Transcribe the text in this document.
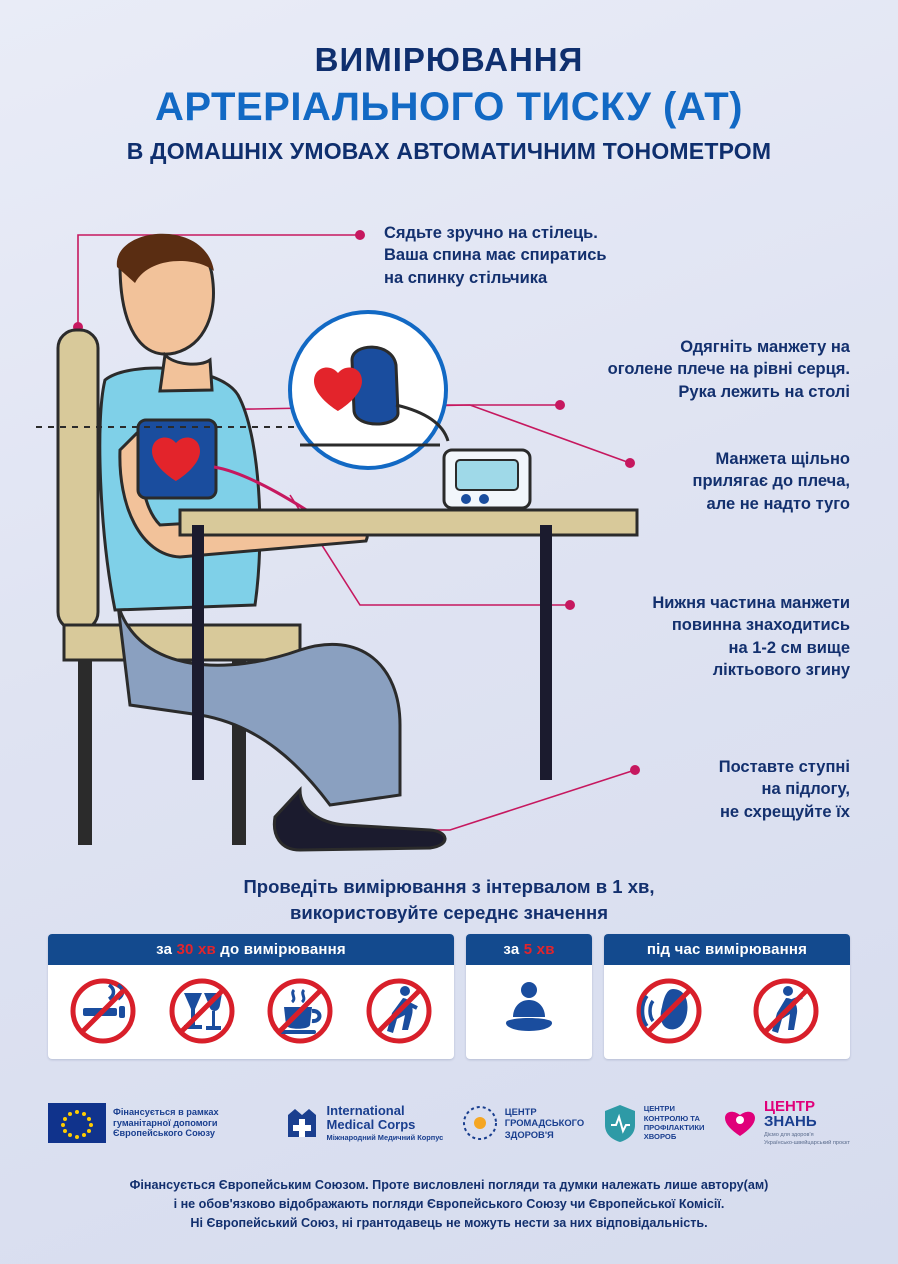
ВИМІРЮВАННЯ
АРТЕРІАЛЬНОГО ТИСКУ (АТ)
В ДОМАШНІХ УМОВАХ АВТОМАТИЧНИМ ТОНОМЕТРОМ
Сядьте зручно на стілець.
Ваша спина має спиратись
на спинку стільчика
Одягніть манжету на
оголене плече на рівні серця.
Рука лежить на столі
Манжета щільно
прилягає до плеча,
але не надто туго
Нижня частина манжети
повинна знаходитись
на 1-2 см вище
ліктьового згину
Поставте ступні
на підлогу,
не схрещуйте їх
Проведіть вимірювання з інтервалом в 1 хв,
використовуйте середнє значення
за 30 хв до вимірювання	за 5 хв	під час вимірювання
Фінансується в рамках гуманітарної допомоги Європейського Союзу
International
Medical Corps
Міжнародний Медичний Корпус
ЦЕНТР
ГРОМАДСЬКОГО
ЗДОРОВ'Я
ЦЕНТРИ
КОНТРОЛЮ ТА
ПРОФІЛАКТИКИ
ХВОРОБ
ЦЕНТР
ЗНАНЬ
Діємо для здоров'я
Українсько-швейцарський проєкт
Фінансується Європейським Союзом. Проте висловлені погляди та думки належать лише автору(ам)
і не обов'язково відображають погляди Європейського Союзу чи Європейської Комісії.
Ні Європейський Союз, ні грантодавець не можуть нести за них відповідальність.
